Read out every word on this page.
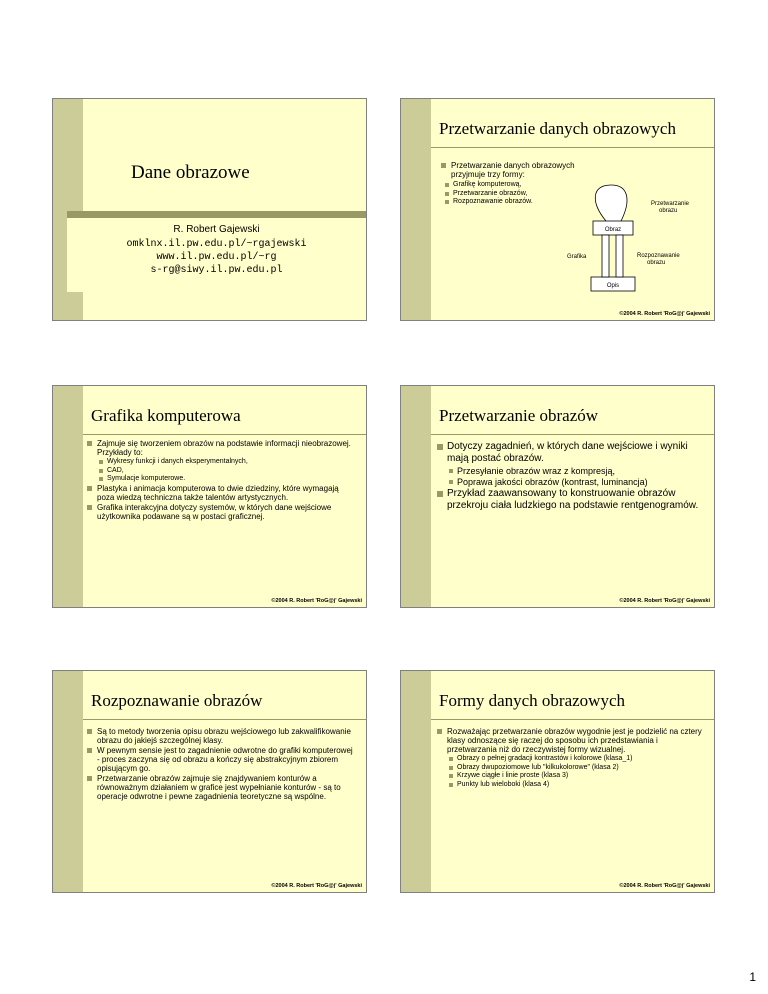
Dane obrazowe
R. Robert Gajewski
omklnx.il.pw.edu.pl/~rgajewski
www.il.pw.edu.pl/~rg
s-rg@siwy.il.pw.edu.pl
1
05
Przetwarzanie danych obrazowych
Przetwarzanie danych obrazowych przyjmuje trzy formy:
Grafikę komputerową,
Przetwarzanie obrazów,
Rozpoznawanie obrazów.
Obraz
Opis
Grafika	Rozpoznawanie obrazu
Przetwarzanie obrazu
2
05	©2004 R. Robert 'RoG@j' Gajewski
Grafika komputerowa
Zajmuje się tworzeniem obrazów na podstawie informacji nieobrazowej. Przykłady to:
Wykresy funkcji i danych eksperymentalnych,
CAD,
Symulacje komputerowe.
Plastyka i animacja komputerowa to dwie dziedziny, które wymagają poza wiedzą techniczna także talentów artystycznych.
Grafika interakcyjna dotyczy systemów, w których dane wejściowe użytkownika podawane są w postaci graficznej.
3
05	©2004 R. Robert 'RoG@j' Gajewski
Przetwarzanie obrazów
Dotyczy zagadnień, w których dane wejściowe i wyniki mają postać obrazów.
Przesyłanie obrazów wraz z kompresją,
Poprawa jakości obrazów (kontrast, luminancja)
Przykład zaawansowany to konstruowanie obrazów przekroju ciała ludzkiego na podstawie rentgenogramów.
4
05	©2004 R. Robert 'RoG@j' Gajewski
Rozpoznawanie obrazów
Są to metody tworzenia opisu obrazu wejściowego lub zakwalifikowanie obrazu do jakiejś szczególnej klasy.
W pewnym sensie jest to zagadnienie odwrotne do grafiki komputerowej - proces zaczyna się od obrazu a kończy się abstrakcyjnym zbiorem opisującym go.
Przetwarzanie obrazów zajmuje się znajdywaniem konturów a równoważnym działaniem w grafice jest wypełnianie konturów - są to operacje odwrotne i pewne zagadnienia teoretyczne są wspólne.
5
05	©2004 R. Robert 'RoG@j' Gajewski
Formy danych obrazowych
Rozważając przetwarzanie obrazów wygodnie jest je podzielić na cztery klasy odnoszące się raczej do sposobu ich przedstawiania i przetwarzania niż do rzeczywistej formy wizualnej.
Obrazy o pełnej gradacji kontrastów i kolorowe (klasa_1)
Obrazy dwupoziomowe lub "kilkukolorowe" (klasa 2)
Krzywe ciągłe i linie proste (klasa 3)
Punkty lub wieloboki (klasa 4)
6
05	©2004 R. Robert 'RoG@j' Gajewski
1
